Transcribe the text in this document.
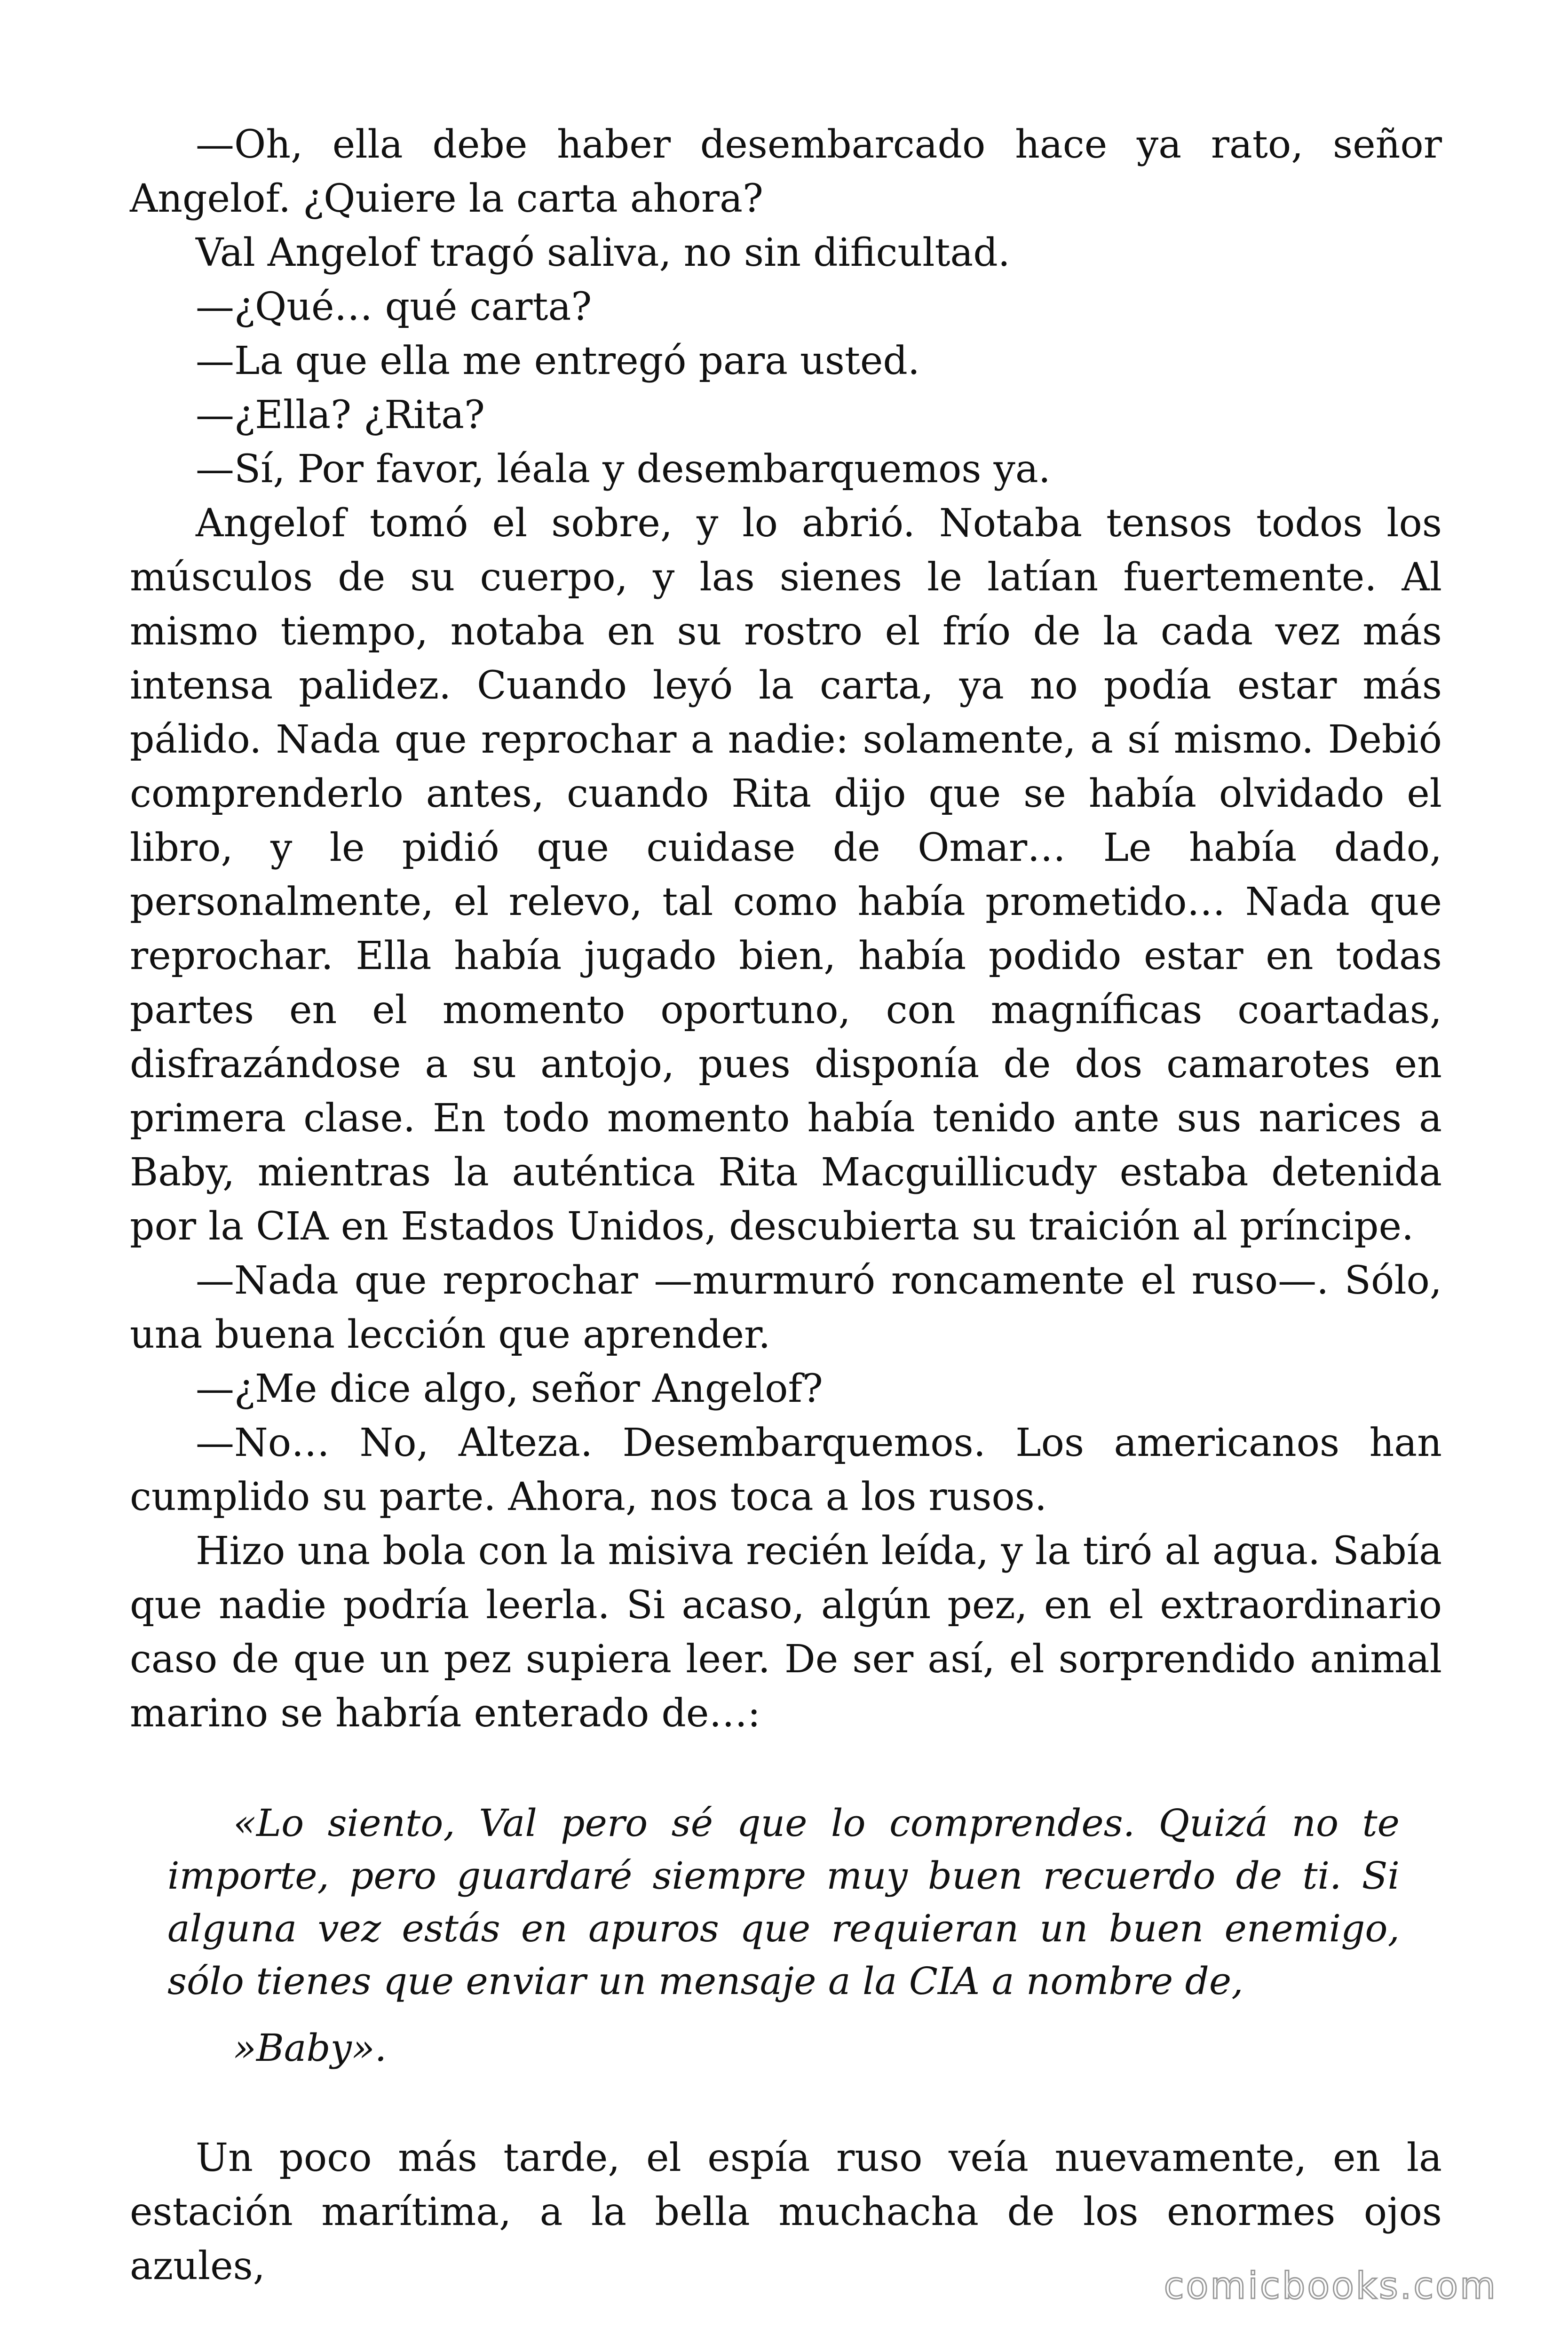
—Oh, ella debe haber desembarcado hace ya rato, señor Angelof. ¿Quiere la carta ahora?

Val Angelof tragó saliva, no sin dificultad.

—¿Qué… qué carta?

—La que ella me entregó para usted.

—¿Ella? ¿Rita?

—Sí, Por favor, léala y desembarquemos ya.

Angelof tomó el sobre, y lo abrió. Notaba tensos todos los músculos de su cuerpo, y las sienes le latían fuertemente. Al mismo tiempo, notaba en su rostro el frío de la cada vez más intensa palidez. Cuando leyó la carta, ya no podía estar más pálido. Nada que reprochar a nadie: solamente, a sí mismo. Debió comprenderlo antes, cuando Rita dijo que se había olvidado el libro, y le pidió que cuidase de Omar… Le había dado, personalmente, el relevo, tal como había prometido… Nada que reprochar. Ella había jugado bien, había podido estar en todas partes en el momento oportuno, con magníficas coartadas, disfrazándose a su antojo, pues disponía de dos camarotes en primera clase. En todo momento había tenido ante sus narices a Baby, mientras la auténtica Rita Macguillicudy estaba detenida por la CIA en Estados Unidos, descubierta su traición al príncipe.

—Nada que reprochar —murmuró roncamente el ruso—. Sólo, una buena lección que aprender.

—¿Me dice algo, señor Angelof?

—No… No, Alteza. Desembarquemos. Los americanos han cumplido su parte. Ahora, nos toca a los rusos.

Hizo una bola con la misiva recién leída, y la tiró al agua. Sabía que nadie podría leerla. Si acaso, algún pez, en el extraordinario caso de que un pez supiera leer. De ser así, el sorprendido animal marino se habría enterado de…:

«Lo siento, Val pero sé que lo comprendes. Quizá no te importe, pero guardaré siempre muy buen recuerdo de ti. Si alguna vez estás en apuros que requieran un buen enemigo, sólo tienes que enviar un mensaje a la CIA a nombre de,

»Baby».

Un poco más tarde, el espía ruso veía nuevamente, en la estación marítima, a la bella muchacha de los enormes ojos azules,	comicbooks.com
